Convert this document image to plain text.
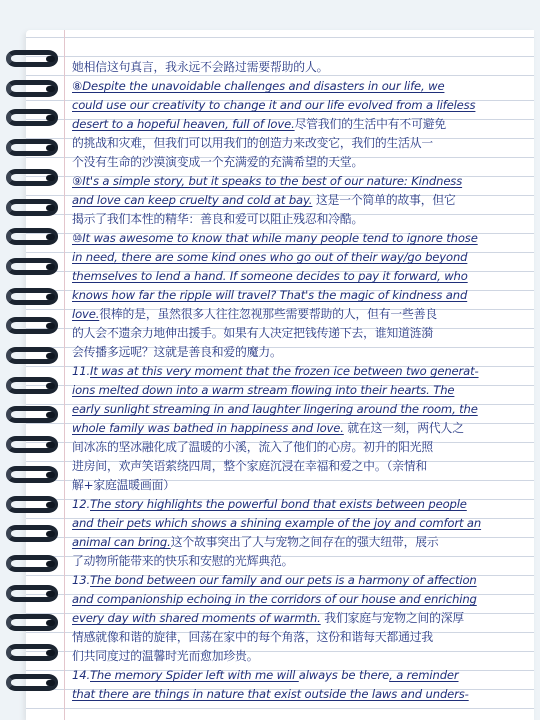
她相信这句真言，我永远不会路过需要帮助的人。
⑧Despite the unavoidable challenges and disasters in our life, we
could use our creativity to change it and our life evolved from a lifeless
desert to a hopeful heaven, full of love.尽管我们的生活中有不可避免
的挑战和灾难，但我们可以用我们的创造力来改变它，我们的生活从一
个没有生命的沙漠演变成一个充满爱的充满希望的天堂。
⑨It's a simple story, but it speaks to the best of our nature: Kindness
and love can keep cruelty and cold at bay. 这是一个简单的故事，但它
揭示了我们本性的精华：善良和爱可以阻止残忍和冷酷。
⑩It was awesome to know that while many people tend to ignore those
in need, there are some kind ones who go out of their way/go beyond
themselves to lend a hand. If someone decides to pay it forward, who
knows how far the ripple will travel? That's the magic of kindness and
love.很棒的是，虽然很多人往往忽视那些需要帮助的人，但有一些善良
的人会不遗余力地伸出援手。如果有人决定把钱传递下去，谁知道涟漪
会传播多远呢？这就是善良和爱的魔力。
11.It was at this very moment that the frozen ice between two generat-
ions melted down into a warm stream flowing into their hearts. The
early sunlight streaming in and laughter lingering around the room, the
whole family was bathed in happiness and love. 就在这一刻，两代人之
间冰冻的坚冰融化成了温暖的小溪，流入了他们的心房。初升的阳光照
进房间，欢声笑语萦绕四周，整个家庭沉浸在幸福和爱之中。（亲情和
解+家庭温暖画面）
12.The story highlights the powerful bond that exists between people
and their pets which shows a shining example of the joy and comfort an
animal can bring.这个故事突出了人与宠物之间存在的强大纽带，展示
了动物所能带来的快乐和安慰的光辉典范。
13.The bond between our family and our pets is a harmony of affection
and companionship echoing in the corridors of our house and enriching
every day with shared moments of warmth. 我们家庭与宠物之间的深厚
情感就像和谐的旋律，回荡在家中的每个角落，这份和谐每天都通过我
们共同度过的温馨时光而愈加珍贵。
14.The memory Spider left with me will always be there, a reminder
that there are things in nature that exist outside the laws and unders-
